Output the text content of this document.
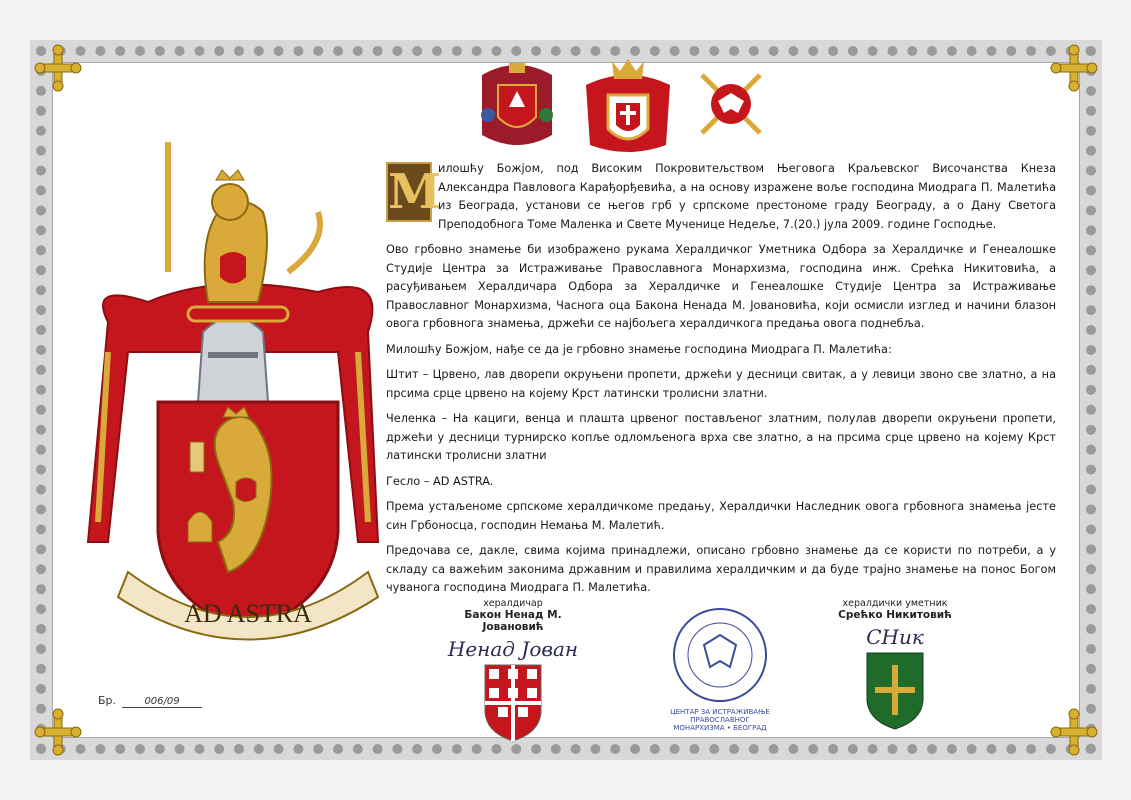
AD ASTRA

М
илошћу Божјом, под Високим Покровитељством Његовога Краљевског Височанства Кнеза Александра Павловога Карађорђевића, а на основу изражене воље господина Миодрага П. Малетића из Београда, установи се његов грб у српскоме престономе граду Београду, а о Дану Светога Преподобнога Томе Маленка и Свете Мученице Недеље, 7.(20.) јула 2009. године Господње.

Ово грбовно знамење би изображено рукама Хералдичког Уметника Одбора за Хералдичке и Генеалошке Студије Центра за Истраживање Православнога Монархизма, господина инж. Срећка Никитовића, а расуђивањем Хералдичара Одбора за Хералдичке и Генеалошке Студије Центра за Истраживање Православног Монархизма, Часнога оца Бакона Ненада М. Јовановића, који осмисли изглед и начини блазон овога грбовнога знамења, држећи се најбољега хералдичкога предања овога поднебља.

Милошћу Божјом, нађе се да је грбовно знамење господина Миодрага П. Малетића:

Штит – Црвено, лав дворепи окруњени пропети, држећи у десници свитак, а у левици звоно све златно, а на прсима срце црвено на којему Крст латински тролисни златни.

Челенка – На кациги, венца и плашта црвеног постављеног златним, полулав дворепи окруњени пропети, држећи у десници турнирско копље одломљенога врха све златно, а на прсима срце црвено на којему Крст латински тролисни златни

Гесло – AD ASTRA.

Према устаљеноме српскоме хералдичкоме предању, Хералдички Наследник овога грбовнога знамења јесте син Грбоносца, господин Немања М. Малетић.

Предочава се, дакле, свима којима принадлежи, описано грбовно знамење да се користи по потреби, а у складу са важећим законима државним и правилима хералдичким и да буде трајно знамење на понос Богом чуванога господина Миодрага П. Малетића.

хералдичар
Бакон Ненад М. Јовановић
Ненад Јован
ЦЕНТАР ЗА ИСТРАЖИВАЊЕ ПРАВОСЛАВНОГ МОНАРХИЗМА • БЕОГРАД
хералдички уметник
Срећко Никитовић
СНик
Бр.	006/09
